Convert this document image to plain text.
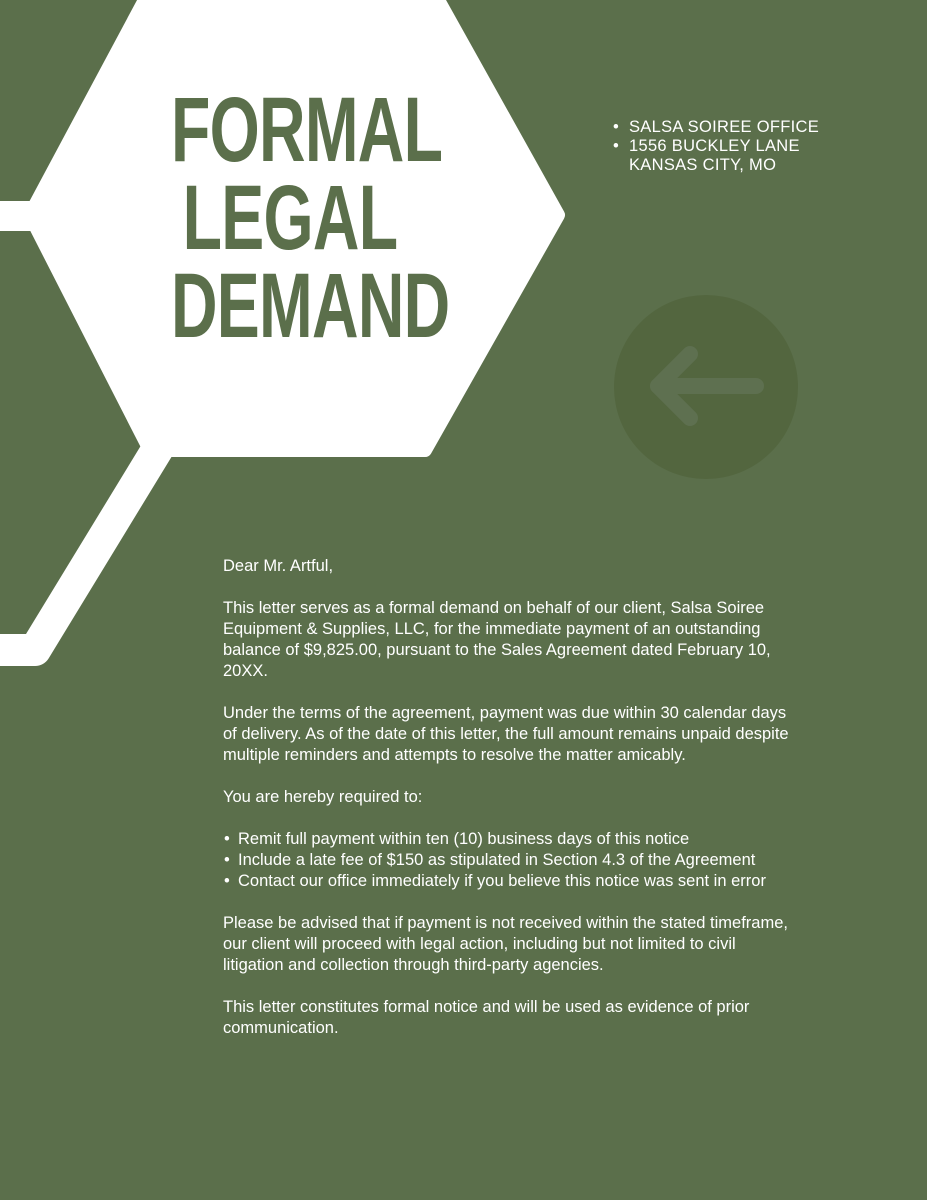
FORMAL
LEGAL
DEMAND
• SALSA SOIREE OFFICE
• 1556 BUCKLEY LANE
KANSAS CITY, MO

Dear Mr. Artful,

This letter serves as a formal demand on behalf of our client, Salsa Soiree Equipment & Supplies, LLC, for the immediate payment of an outstanding balance of $9,825.00, pursuant to the Sales Agreement dated February 10, 20XX.

Under the terms of the agreement, payment was due within 30 calendar days of delivery. As of the date of this letter, the full amount remains unpaid despite multiple reminders and attempts to resolve the matter amicably.

You are hereby required to:

• Remit full payment within ten (10) business days of this notice
• Include a late fee of $150 as stipulated in Section 4.3 of the Agreement
• Contact our office immediately if you believe this notice was sent in error

Please be advised that if payment is not received within the stated timeframe, our client will proceed with legal action, including but not limited to civil litigation and collection through third-party agencies.

This letter constitutes formal notice and will be used as evidence of prior communication.
